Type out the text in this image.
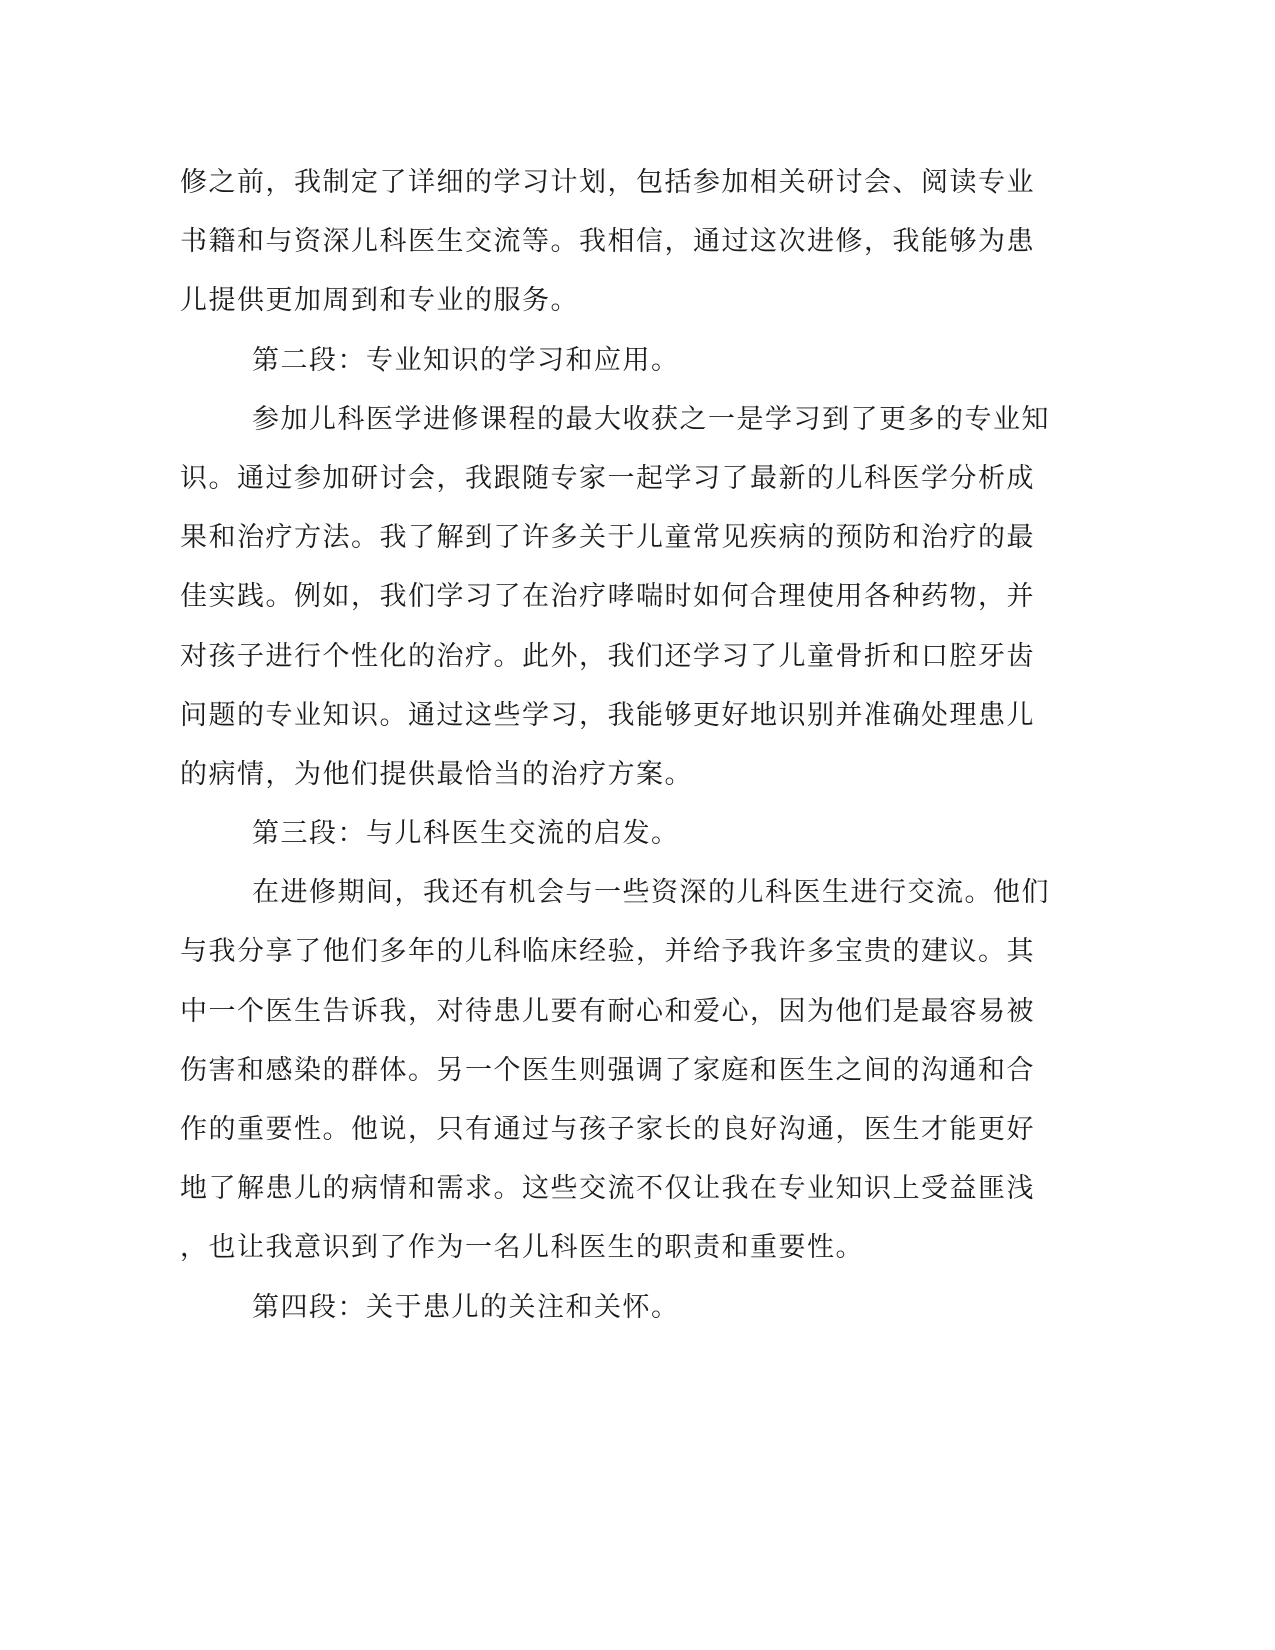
修之前，我制定了详细的学习计划，包括参加相关研讨会、阅读专业
书籍和与资深儿科医生交流等。我相信，通过这次进修，我能够为患
儿提供更加周到和专业的服务。
第二段：专业知识的学习和应用。
参加儿科医学进修课程的最大收获之一是学习到了更多的专业知
识。通过参加研讨会，我跟随专家一起学习了最新的儿科医学分析成
果和治疗方法。我了解到了许多关于儿童常见疾病的预防和治疗的最
佳实践。例如，我们学习了在治疗哮喘时如何合理使用各种药物，并
对孩子进行个性化的治疗。此外，我们还学习了儿童骨折和口腔牙齿
问题的专业知识。通过这些学习，我能够更好地识别并准确处理患儿
的病情，为他们提供最恰当的治疗方案。
第三段：与儿科医生交流的启发。
在进修期间，我还有机会与一些资深的儿科医生进行交流。他们
与我分享了他们多年的儿科临床经验，并给予我许多宝贵的建议。其
中一个医生告诉我，对待患儿要有耐心和爱心，因为他们是最容易被
伤害和感染的群体。另一个医生则强调了家庭和医生之间的沟通和合
作的重要性。他说，只有通过与孩子家长的良好沟通，医生才能更好
地了解患儿的病情和需求。这些交流不仅让我在专业知识上受益匪浅
，也让我意识到了作为一名儿科医生的职责和重要性。
第四段：关于患儿的关注和关怀。
